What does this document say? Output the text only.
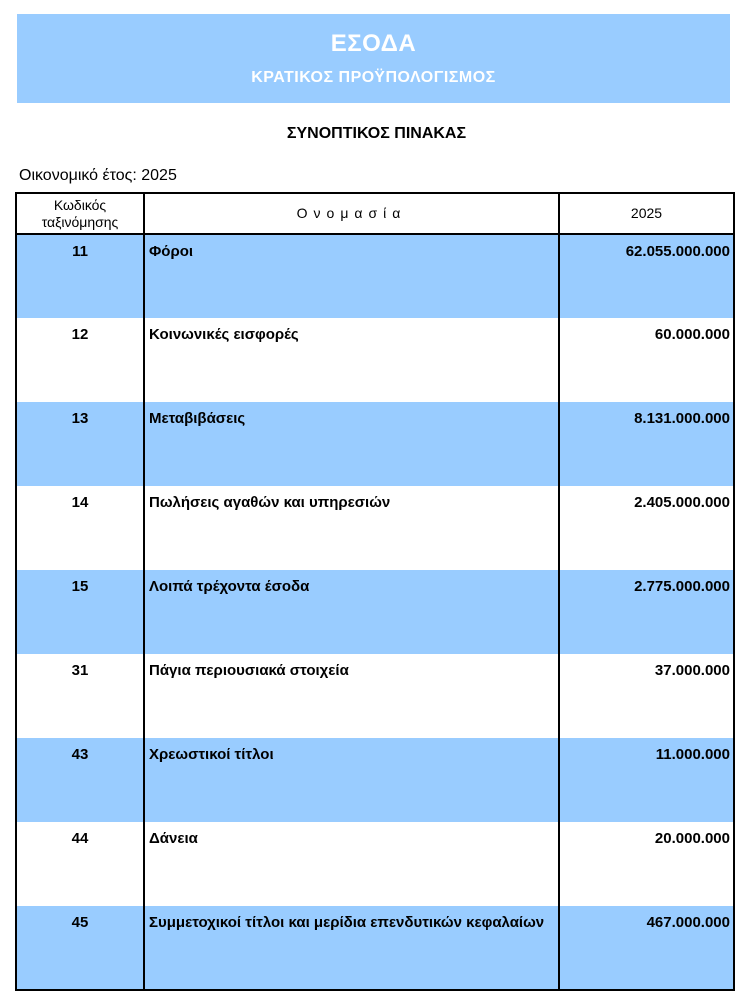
ΕΣΟΔΑ
ΚΡΑΤΙΚΟΣ ΠΡΟΫΠΟΛΟΓΙΣΜΟΣ
ΣΥΝΟΠΤΙΚΟΣ ΠΙΝΑΚΑΣ
Οικονομικό έτος: 2025
Κωδικός ταξινόμησης	Ονομασία	2025
11	Φόροι	62.055.000.000
12	Κοινωνικές εισφορές	60.000.000
13	Μεταβιβάσεις	8.131.000.000
14	Πωλήσεις αγαθών και υπηρεσιών	2.405.000.000
15	Λοιπά τρέχοντα έσοδα	2.775.000.000
31	Πάγια περιουσιακά στοιχεία	37.000.000
43	Χρεωστικοί τίτλοι	11.000.000
44	Δάνεια	20.000.000
45	Συμμετοχικοί τίτλοι και μερίδια επενδυτικών κεφαλαίων	467.000.000
